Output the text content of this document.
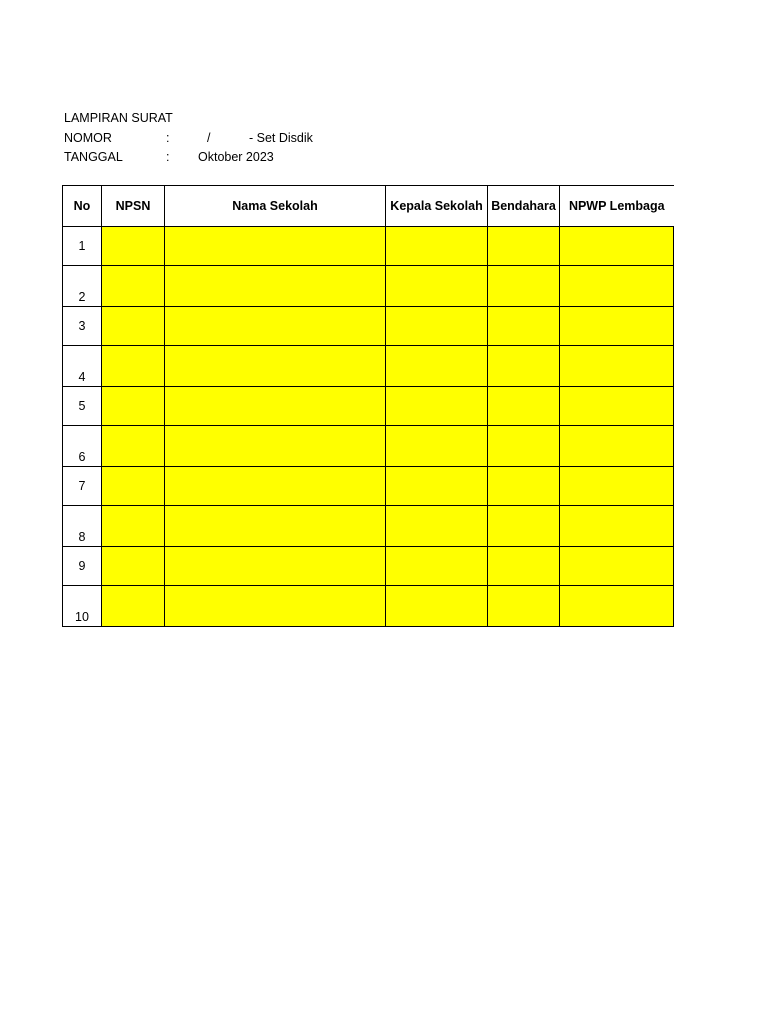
LAMPIRAN SURAT
NOMOR	:	/	- Set Disdik
TANGGAL	: Oktober 2023
No	NPSN	Nama Sekolah	Kepala Sekolah	Bendahara	NPWP Lembaga
1					
2					
3					
4					
5					
6					
7					
8					
9					
10					
